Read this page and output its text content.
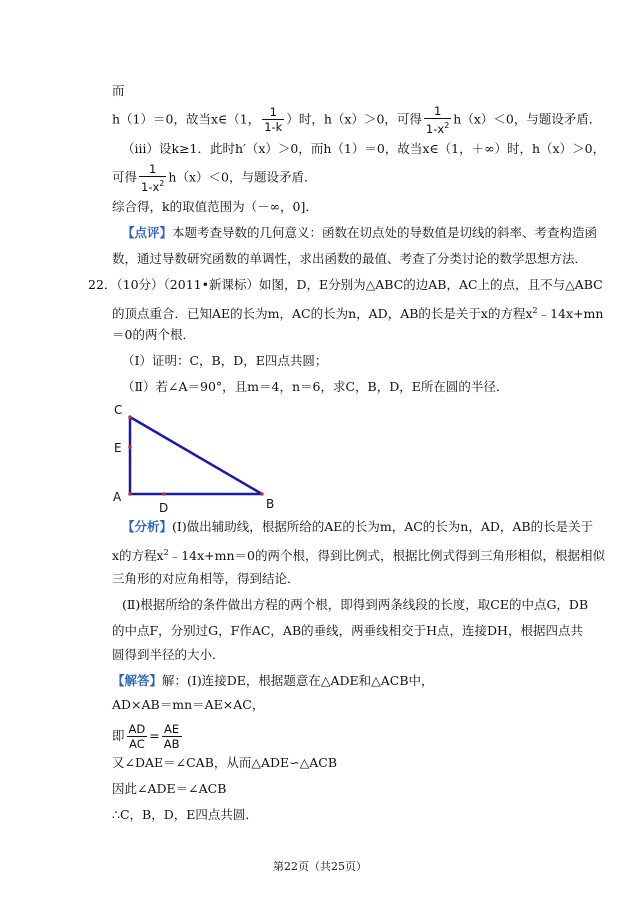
而
h（1）＝0，故当x∈（1， $\frac{1}{1-k}$ ）时，h（x）＞0，可得 $\frac{1}{1-x^2} h(x)<0$，与题设矛盾．
（iii）设k≥1．此时h′（x）＞0，而h（1）＝0，故当x∈（1，＋∞）时，h（x）＞0，
可得 $\frac{1}{1-x^2} h(x)<0$，与题设矛盾．
综合得，k的取值范围为（－∞，0]．
【点评】本题考查导数的几何意义：函数在切点处的导数值是切线的斜率、考查构造函
数，通过导数研究函数的单调性，求出函数的最值、考查了分类讨论的数学思想方法．
22．（10分）（2011•新课标）如图，D，E分别为△ABC的边AB，AC上的点，且不与△ABC
的顶点重合．已知AE的长为m，AC的长为n，AD，AB的长是关于x的方程$x^2﹣14x+mn$
＝0的两个根．
（Ⅰ）证明：C，B，D，E四点共圆；
（Ⅱ）若∠A＝90°，且m＝4，n＝6，求C，B，D，E所在圆的半径．
C
E
A
D	B
【分析】(Ⅰ)做出辅助线，根据所给的AE的长为m，AC的长为n，AD，AB的长是关于
x的方程$x^2﹣14x+mn=0$的两个根，得到比例式，根据比例式得到三角形相似，根据相似
三角形的对应角相等，得到结论．
(Ⅱ)根据所给的条件做出方程的两个根，即得到两条线段的长度，取CE的中点G，DB
的中点F，分别过G，F作AC，AB的垂线，两垂线相交于H点，连接DH，根据四点共
圆得到半径的大小．
【解答】解：(Ⅰ)连接DE，根据题意在△ADE和△ACB中，
AD×AB＝mn＝AE×AC，
即 $\frac{AD}{AC} = \frac{AE}{AB}$
又∠DAE＝∠CAB，从而△ADE∽△ACB
因此∠ADE＝∠ACB
∴C，B，D，E四点共圆．
第22页（共25页）
